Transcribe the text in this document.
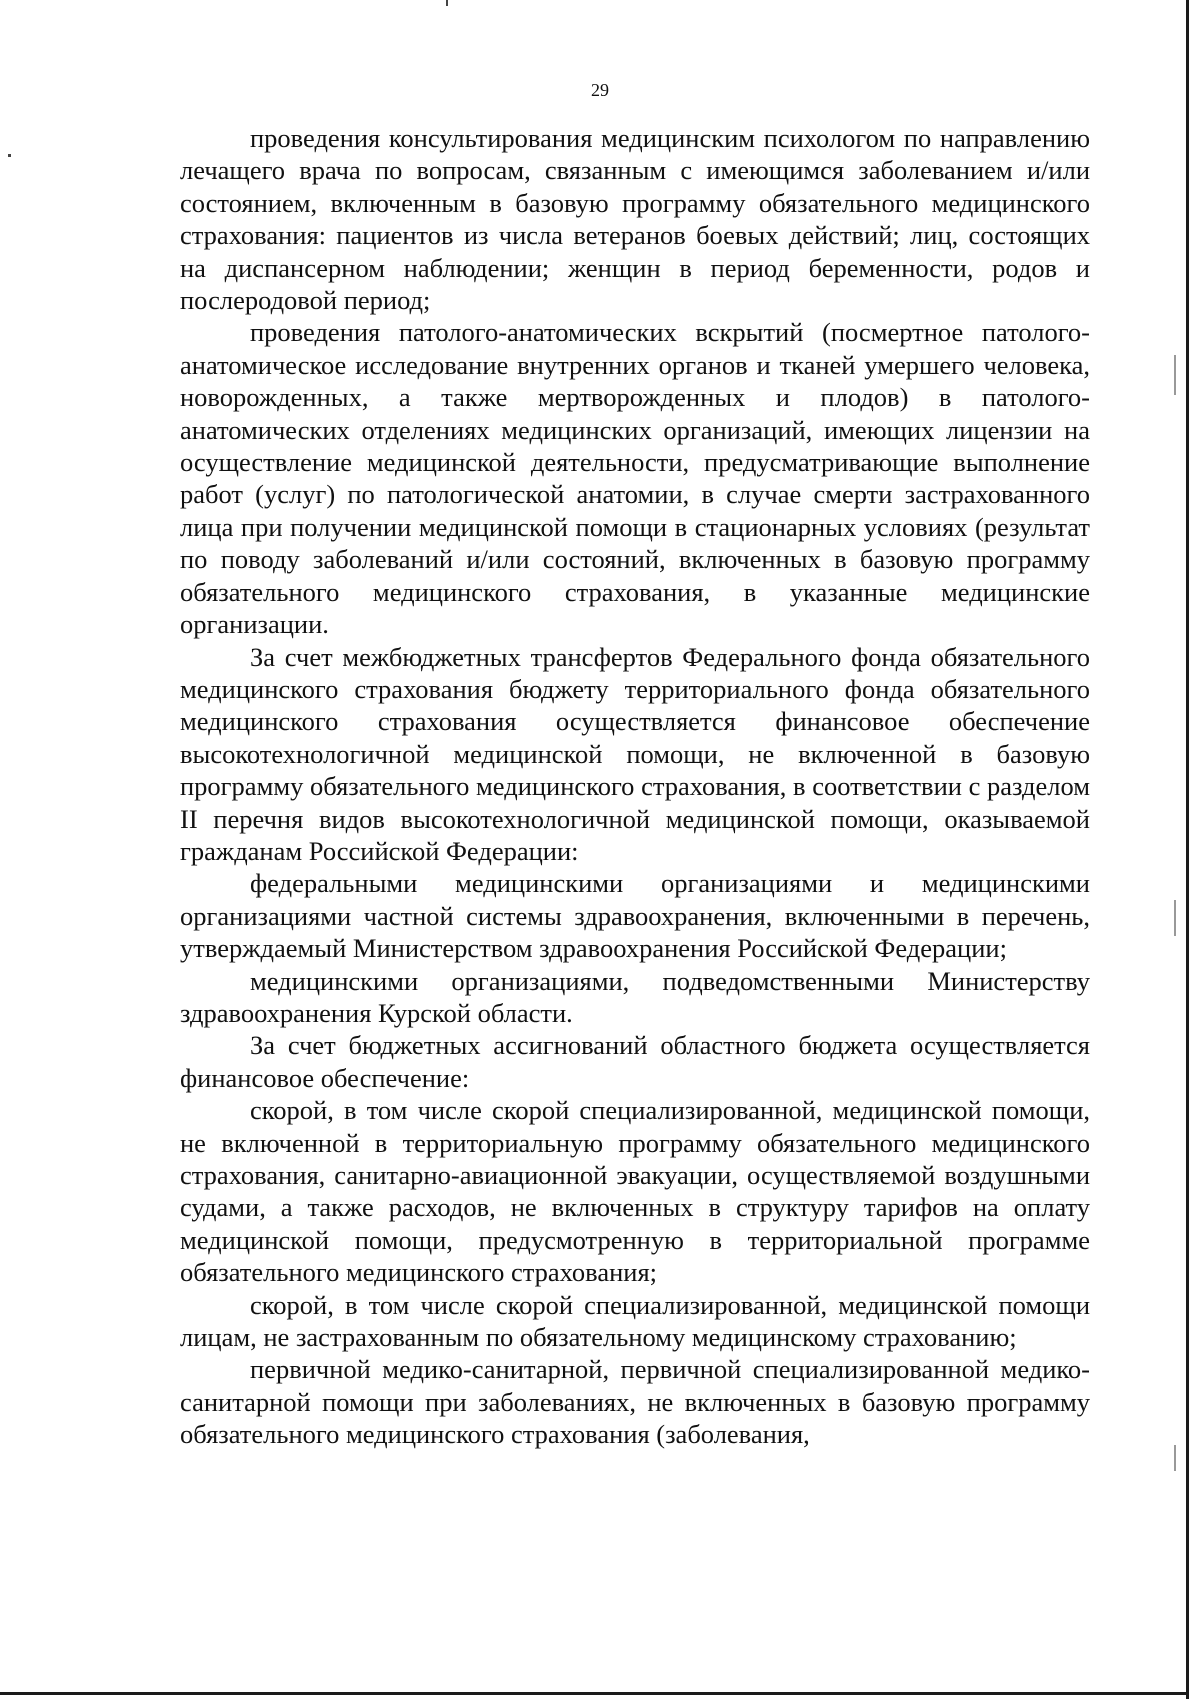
29

проведения консультирования медицинским психологом по направлению лечащего врача по вопросам, связанным с имеющимся заболеванием и/или состоянием, включенным в базовую программу обязательного медицинского страхования: пациентов из числа ветеранов боевых действий; лиц, состоящих на диспансерном наблюдении; женщин в период беременности, родов и послеродовой период;

проведения патолого-анатомических вскрытий (посмертное патолого-анатомическое исследование внутренних органов и тканей умершего человека, новорожденных, а также мертворожденных и плодов) в патолого-анатомических отделениях медицинских организаций, имеющих лицензии на осуществление медицинской деятельности, предусматривающие выполнение работ (услуг) по патологической анатомии, в случае смерти застрахованного лица при получении медицинской помощи в стационарных условиях (результат по поводу заболеваний и/или состояний, включенных в базовую программу обязательного медицинского страхования, в указанные медицинские организации.

За счет межбюджетных трансфертов Федерального фонда обязательного медицинского страхования бюджету территориального фонда обязательного медицинского страхования осуществляется финансовое обеспечение высокотехнологичной медицинской помощи, не включенной в базовую программу обязательного медицинского страхования, в соответствии с разделом II перечня видов высокотехнологичной медицинской помощи, оказываемой гражданам Российской Федерации:

федеральными медицинскими организациями и медицинскими организациями частной системы здравоохранения, включенными в перечень, утверждаемый Министерством здравоохранения Российской Федерации;

медицинскими организациями, подведомственными Министерству здравоохранения Курской области.

За счет бюджетных ассигнований областного бюджета осуществляется финансовое обеспечение:

скорой, в том числе скорой специализированной, медицинской помощи, не включенной в территориальную программу обязательного медицинского страхования, санитарно-авиационной эвакуации, осуществляемой воздушными судами, а также расходов, не включенных в структуру тарифов на оплату медицинской помощи, предусмотренную в территориальной программе обязательного медицинского страхования;

скорой, в том числе скорой специализированной, медицинской помощи лицам, не застрахованным по обязательному медицинскому страхованию;

первичной медико-санитарной, первичной специализированной медико-санитарной помощи при заболеваниях, не включенных в базовую программу обязательного медицинского страхования (заболевания,
